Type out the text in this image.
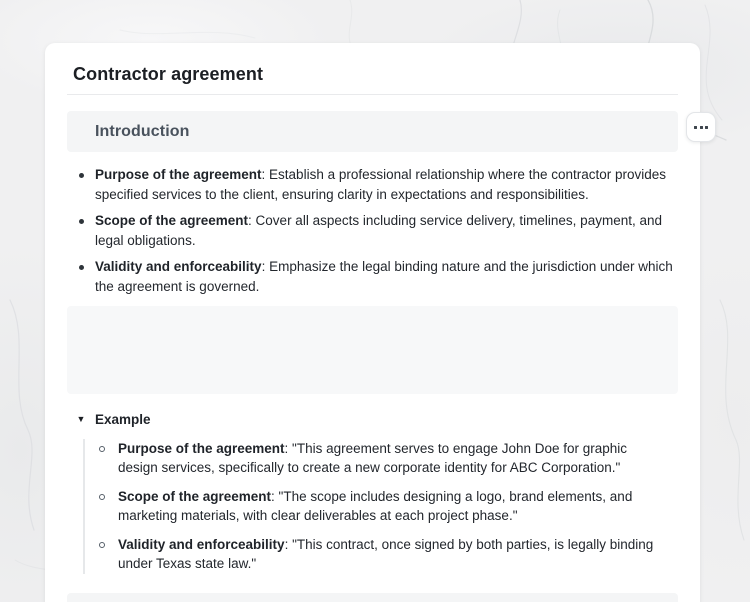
Contractor agreement
Introduction

Purpose of the agreement: Establish a professional relationship where the contractor provides specified services to the client, ensuring clarity in expectations and responsibilities.

Scope of the agreement: Cover all aspects including service delivery, timelines, payment, and legal obligations.

Validity and enforceability: Emphasize the legal binding nature and the jurisdiction under which the agreement is governed.

▼ Example

Purpose of the agreement: "This agreement serves to engage John Doe for graphic design services, specifically to create a new corporate identity for ABC Corporation."

Scope of the agreement: "The scope includes designing a logo, brand elements, and marketing materials, with clear deliverables at each project phase."

Validity and enforceability: "This contract, once signed by both parties, is legally binding under Texas state law."
